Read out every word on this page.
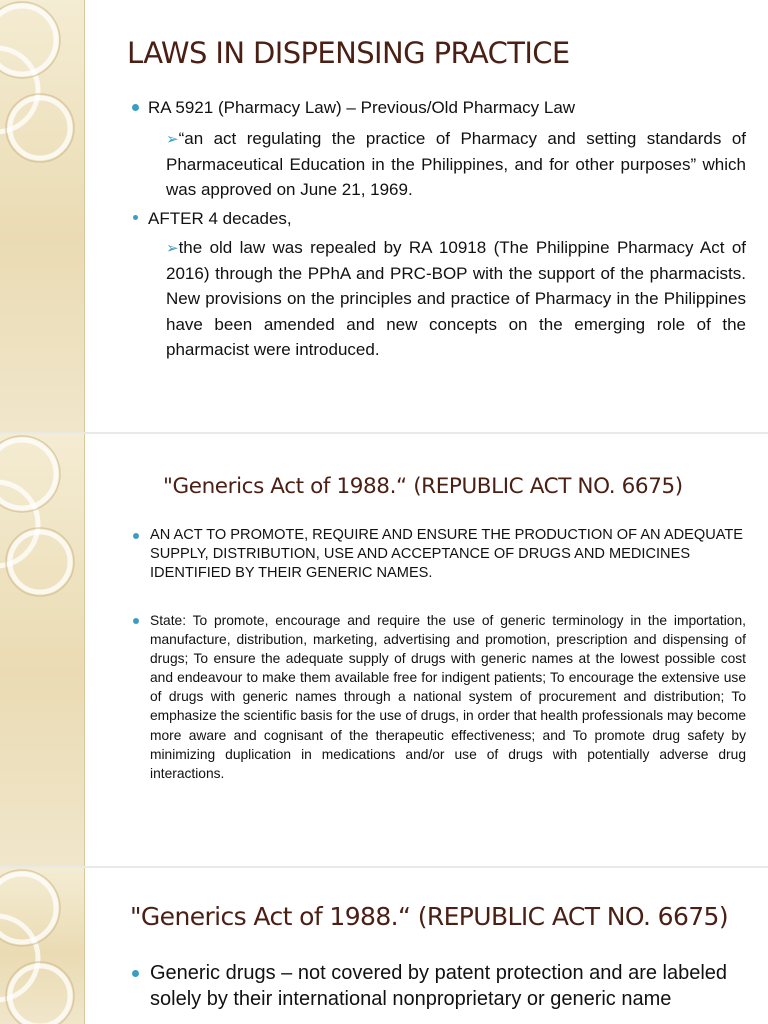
LAWS IN DISPENSING PRACTICE
RA 5921 (Pharmacy Law) – Previous/Old Pharmacy Law
➢“an act regulating the practice of Pharmacy and setting standards of Pharmaceutical Education in the Philippines, and for other purposes” which was approved on June 21, 1969.
AFTER 4 decades,
➢the old law was repealed by RA 10918 (The Philippine Pharmacy Act of 2016) through the PPhA and PRC-BOP with the support of the pharmacists. New provisions on the principles and practice of Pharmacy in the Philippines have been amended and new concepts on the emerging role of the pharmacist were introduced.
"Generics Act of 1988.“ (REPUBLIC ACT NO. 6675)
AN ACT TO PROMOTE, REQUIRE AND ENSURE THE PRODUCTION OF AN ADEQUATE SUPPLY, DISTRIBUTION, USE AND ACCEPTANCE OF DRUGS AND MEDICINES IDENTIFIED BY THEIR GENERIC NAMES.
State: To promote, encourage and require the use of generic terminology in the importation, manufacture, distribution, marketing, advertising and promotion, prescription and dispensing of drugs; To ensure the adequate supply of drugs with generic names at the lowest possible cost and endeavour to make them available free for indigent patients; To encourage the extensive use of drugs with generic names through a national system of procurement and distribution; To emphasize the scientific basis for the use of drugs, in order that health professionals may become more aware and cognisant of the therapeutic effectiveness; and To promote drug safety by minimizing duplication in medications and/or use of drugs with potentially adverse drug interactions.
"Generics Act of 1988.“ (REPUBLIC ACT NO. 6675)
Generic drugs – not covered by patent protection and are labeled solely by their international nonproprietary or generic name
